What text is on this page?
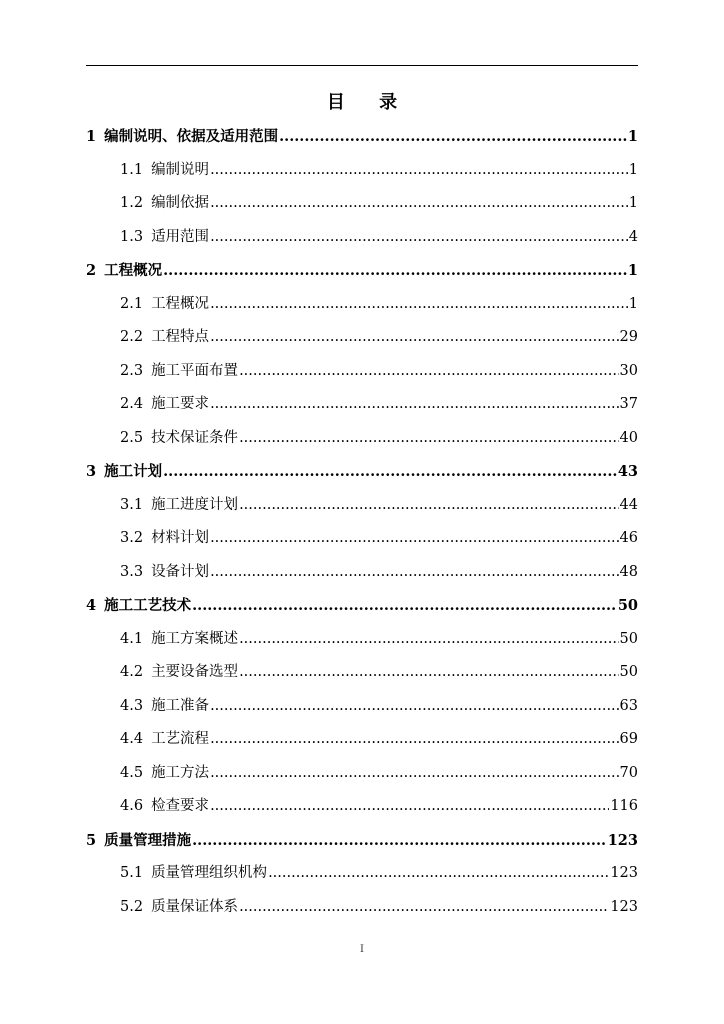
目 录
1 编制说明、依据及适用范围 .....	1
1.1 编制说明 .....	1
1.2 编制依据 .....	1
1.3 适用范围 .....	4
2 工程概况 .....	1
2.1 工程概况 .....	1
2.2 工程特点 .....	29
2.3 施工平面布置 .....	30
2.4 施工要求 .....	37
2.5 技术保证条件 .....	40
3 施工计划 .....	43
3.1 施工进度计划 .....	44
3.2 材料计划 .....	46
3.3 设备计划 .....	48
4 施工工艺技术 .....	50
4.1 施工方案概述 .....	50
4.2 主要设备选型 .....	50
4.3 施工准备 .....	63
4.4 工艺流程 .....	69
4.5 施工方法 .....	70
4.6 检查要求 .....	116
5 质量管理措施 .....	123
5.1 质量管理组织机构 .....	123
5.2 质量保证体系 .....	123
I
